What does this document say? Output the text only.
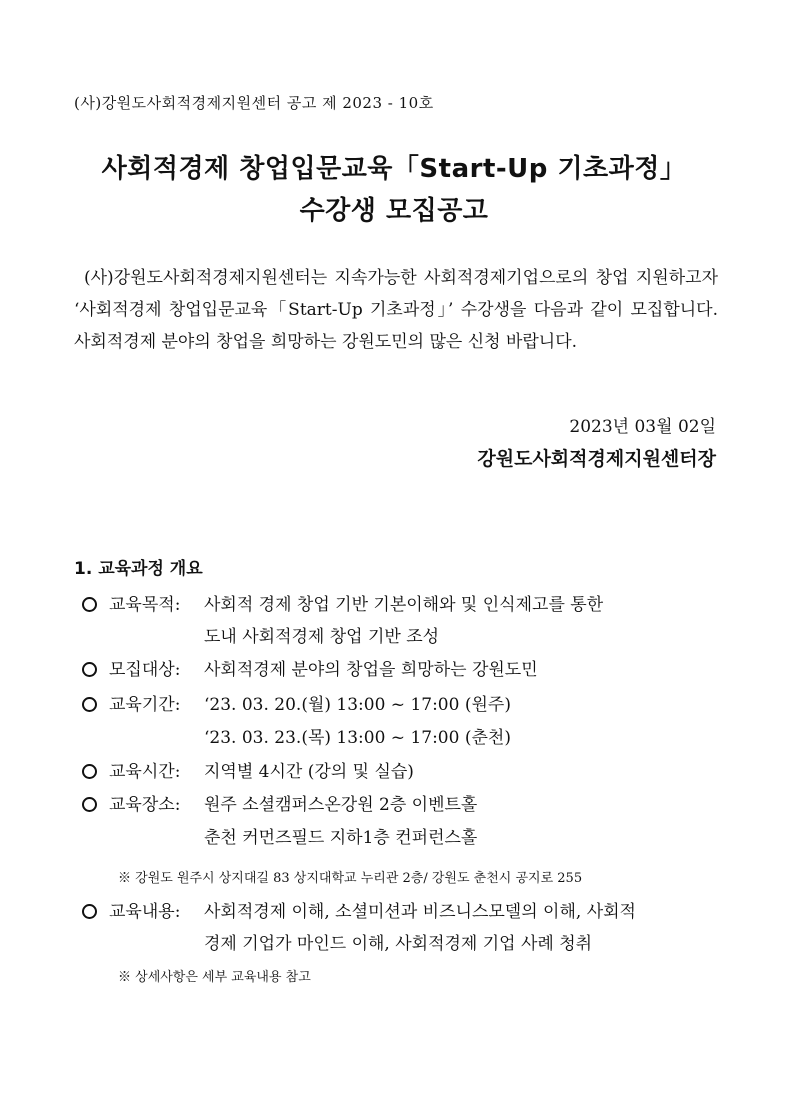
(사)강원도사회적경제지원센터 공고 제 2023 - 10호
사회적경제 창업입문교육「Start-Up 기초과정」
수강생 모집공고
(사)강원도사회적경제지원센터는 지속가능한 사회적경제기업으로의 창업 지원하고자 ‘사회적경제 창업입문교육「Start-Up 기초과정」’ 수강생을 다음과 같이 모집합니다. 사회적경제 분야의 창업을 희망하는 강원도민의 많은 신청 바랍니다.
2023년 03월 02일
강원도사회적경제지원센터장
1. 교육과정 개요
교육목적:	사회적 경제 창업 기반 기본이해와 및 인식제고를 통한
도내 사회적경제 창업 기반 조성
모집대상:	사회적경제 분야의 창업을 희망하는 강원도민
교육기간:	‘23. 03. 20.(월) 13:00 ~ 17:00 (원주)
‘23. 03. 23.(목) 13:00 ~ 17:00 (춘천)
교육시간:	지역별 4시간 (강의 및 실습)
교육장소:	원주 소셜캠퍼스온강원 2층 이벤트홀
춘천 커먼즈필드 지하1층 컨퍼런스홀
※ 강원도 원주시 상지대길 83 상지대학교 누리관 2층/ 강원도 춘천시 공지로 255
교육내용:	사회적경제 이해, 소셜미션과 비즈니스모델의 이해, 사회적
경제 기업가 마인드 이해, 사회적경제 기업 사례 청취
※ 상세사항은 세부 교육내용 참고
